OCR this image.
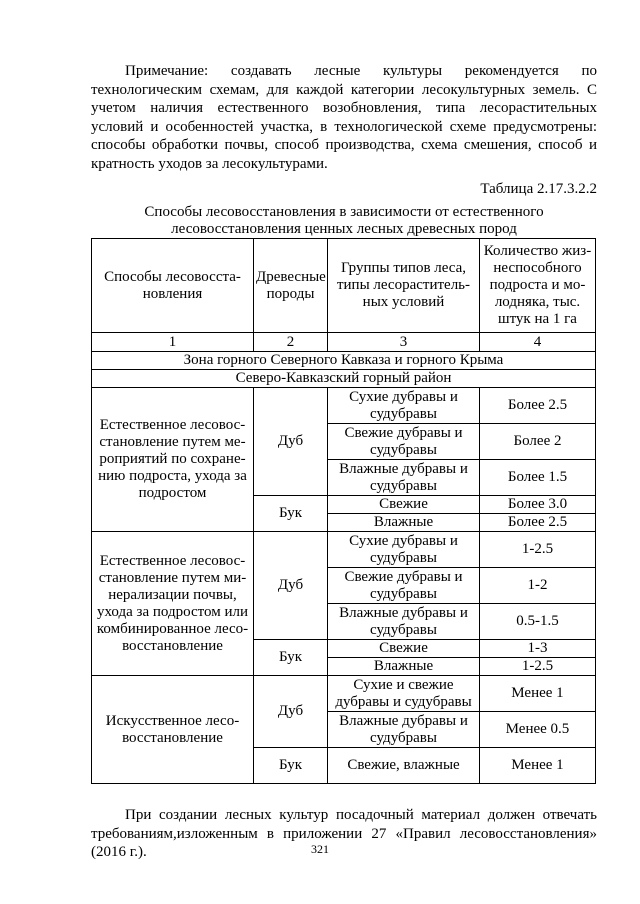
Примечание: создавать лесные культуры рекомендуется по технологическим схемам, для каждой категории лесокультурных земель. С учетом наличия естественного возобновления, типа лесорастительных условий и особенностей участка, в технологической схеме предусмотрены: способы обработки почвы, способ производства, схема смешения, способ и кратность уходов за лесокультурами.

Таблица 2.17.3.2.2
Способы лесовосстановления в зависимости от естественного лесовосстановления ценных лесных древесных пород
Способы лесовосста-новления	Древесные породы	Группы типов леса, типы лесораститель-ных условий	Количество жиз-неспособного подроста и мо-лодняка, тыс. штук на 1 га
1	2	3	4
Зона горного Северного Кавказа и горного Крыма			
Северо-Кавказский горный район			
Естественное лесовос-становление путем ме-роприятий по сохране-нию подроста, ухода за подростом	Дуб	Сухие дубравы и судубравы	Более 2.5
		Свежие дубравы и судубравы	Более 2
		Влажные дубравы и судубравы	Более 1.5
	Бук	Свежие	Более 3.0
		Влажные	Более 2.5
Естественное лесовос-становление путем ми-нерализации почвы, ухода за подростом или комбинированное лесо-восстановление	Дуб	Сухие дубравы и судубравы	1-2.5
		Свежие дубравы и судубравы	1-2
		Влажные дубравы и судубравы	0.5-1.5
	Бук	Свежие	1-3
		Влажные	1-2.5
Искусственное лесо-восстановление	Дуб	Сухие и свежие дубравы и судубравы	Менее 1
		Влажные дубравы и судубравы	Менее 0.5
	Бук	Свежие, влажные	Менее 1

При создании лесных культур посадочный материал должен отвечать требованиям,изложенным в приложении 27 «Правил лесовосстановления» (2016 г.).	321
